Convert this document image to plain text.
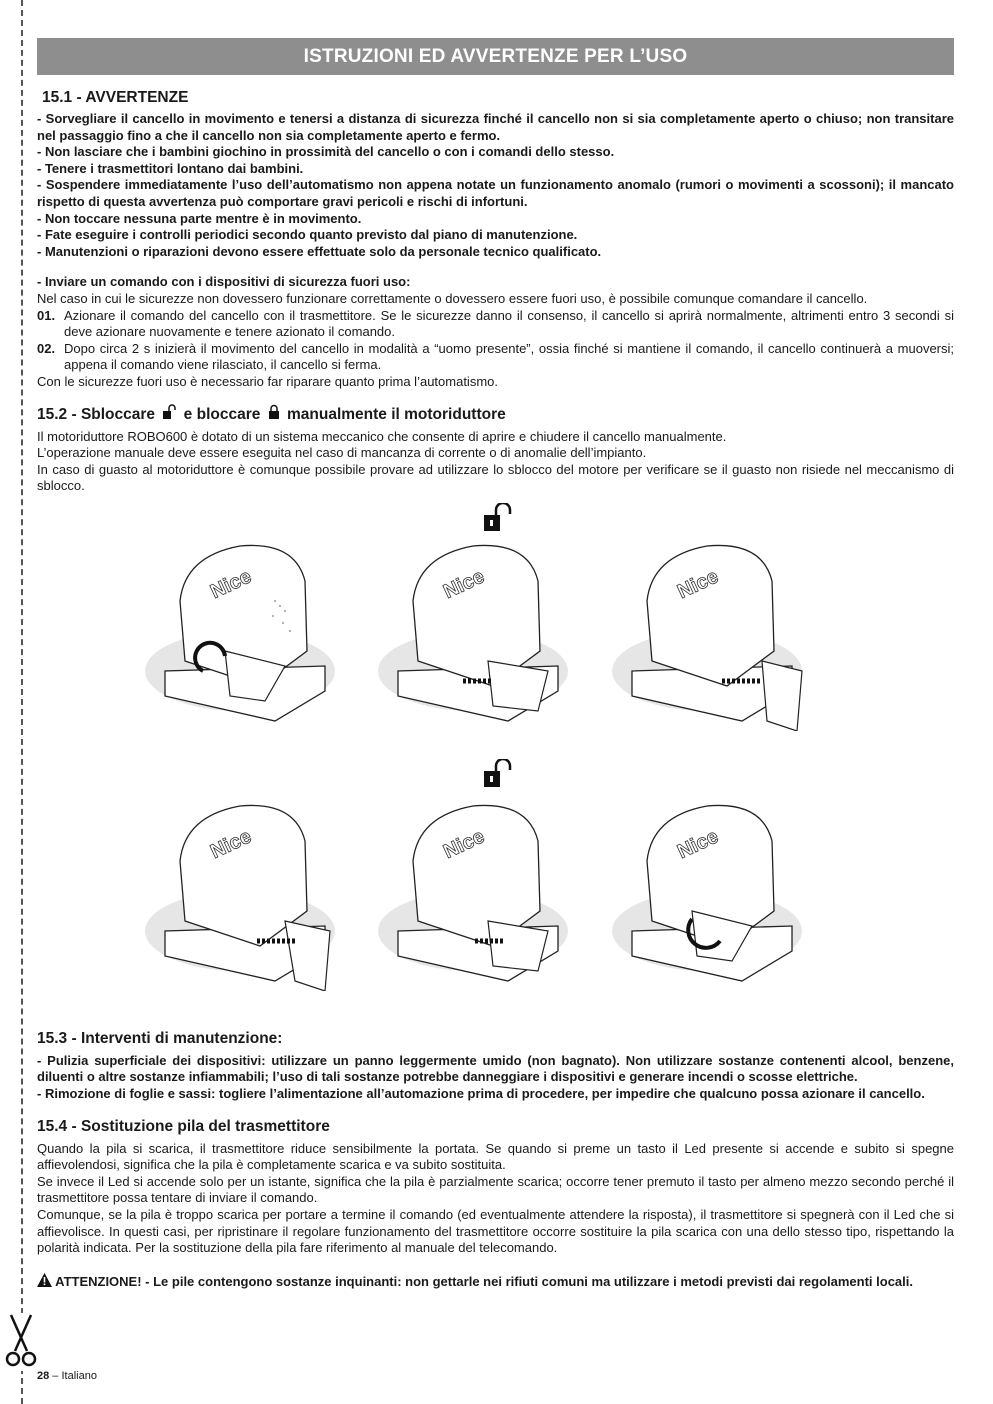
ISTRUZIONI ED AVVERTENZE PER L’USO
15.1 - AVVERTENZE

- Sorvegliare il cancello in movimento e tenersi a distanza di sicurezza finché il cancello non si sia completamente aperto o chiuso; non transitare nel passaggio fino a che il cancello non sia completamente aperto e fermo.

- Non lasciare che i bambini giochino in prossimità del cancello o con i comandi dello stesso.

- Tenere i trasmettitori lontano dai bambini.

- Sospendere immediatamente l’uso dell’automatismo non appena notate un funzionamento anomalo (rumori o movimenti a scossoni); il mancato rispetto di questa avvertenza può comportare gravi pericoli e rischi di infortuni.

- Non toccare nessuna parte mentre è in movimento.

- Fate eseguire i controlli periodici secondo quanto previsto dal piano di manutenzione.

- Manutenzioni o riparazioni devono essere effettuate solo da personale tecnico qualificato.

- Inviare un comando con i dispositivi di sicurezza fuori uso:

Nel caso in cui le sicurezze non dovessero funzionare correttamente o dovessero essere fuori uso, è possibile comunque comandare il cancello.

01. Azionare il comando del cancello con il trasmettitore. Se le sicurezze danno il consenso, il cancello si aprirà normalmente, altrimenti entro 3 secondi si deve azionare nuovamente e tenere azionato il comando.
02. Dopo circa 2 s inizierà il movimento del cancello in modalità a “uomo presente”, ossia finché si mantiene il comando, il cancello continuerà a muoversi; appena il comando viene rilasciato, il cancello si ferma.

Con le sicurezze fuori uso è necessario far riparare quanto prima l’automatismo.

15.2 - Sbloccare e bloccare manualmente il motoriduttore

Il motoriduttore ROBO600 è dotato di un sistema meccanico che consente di aprire e chiudere il cancello manualmente.

L’operazione manuale deve essere eseguita nel caso di mancanza di corrente o di anomalie dell’impianto.

In caso di guasto al motoriduttore è comunque possibile provare ad utilizzare lo sblocco del motore per verificare se il guasto non risiede nel meccanismo di sblocco.

Nice	Nice	Nice
Nice	Nice	Nice
15.3 - Interventi di manutenzione:

- Pulizia superficiale dei dispositivi: utilizzare un panno leggermente umido (non bagnato). Non utilizzare sostanze contenenti alcool, benzene, diluenti o altre sostanze infiammabili; l’uso di tali sostanze potrebbe danneggiare i dispositivi e generare incendi o scosse elettriche.

- Rimozione di foglie e sassi: togliere l’alimentazione all’automazione prima di procedere, per impedire che qualcuno possa azionare il cancello.

15.4 - Sostituzione pila del trasmettitore

Quando la pila si scarica, il trasmettitore riduce sensibilmente la portata. Se quando si preme un tasto il Led presente si accende e subito si spegne affievolendosi, significa che la pila è completamente scarica e va subito sostituita.

Se invece il Led si accende solo per un istante, significa che la pila è parzialmente scarica; occorre tener premuto il tasto per almeno mezzo secondo perché il trasmettitore possa tentare di inviare il comando.

Comunque, se la pila è troppo scarica per portare a termine il comando (ed eventualmente attendere la risposta), il trasmettitore si spegnerà con il Led che si affievolisce. In questi casi, per ripristinare il regolare funzionamento del trasmettitore occorre sostituire la pila scarica con una dello stesso tipo, rispettando la polarità indicata. Per la sostituzione della pila fare riferimento al manuale del telecomando.

ATTENZIONE! - Le pile contengono sostanze inquinanti: non gettarle nei rifiuti comuni ma utilizzare i metodi previsti dai regolamenti locali.

28 – Italiano
